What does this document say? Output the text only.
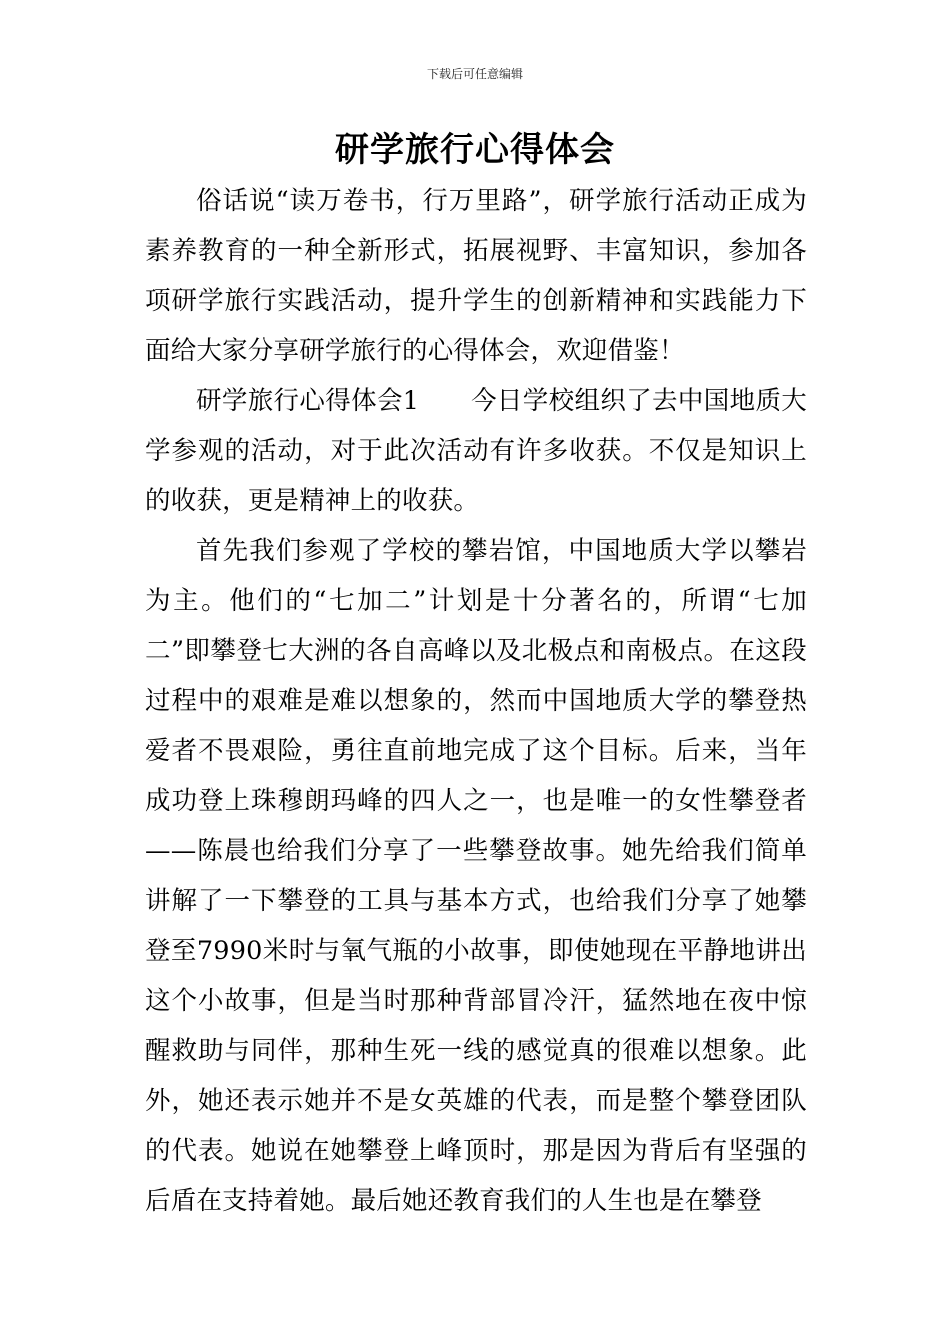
下载后可任意编辑
研学旅行心得体会

俗话说“读万卷书，行万里路”，研学旅行活动正成为素养教育的一种全新形式，拓展视野、丰富知识，参加各项研学旅行实践活动，提升学生的创新精神和实践能力下面给大家分享研学旅行的心得体会，欢迎借鉴！

研学旅行心得体会1　　今日学校组织了去中国地质大学参观的活动，对于此次活动有许多收获。不仅是知识上的收获，更是精神上的收获。

首先我们参观了学校的攀岩馆，中国地质大学以攀岩为主。他们的“七加二”计划是十分著名的，所谓“七加二”即攀登七大洲的各自高峰以及北极点和南极点。在这段过程中的艰难是难以想象的，然而中国地质大学的攀登热爱者不畏艰险，勇往直前地完成了这个目标。后来，当年成功登上珠穆朗玛峰的四人之一，也是唯一的女性攀登者——陈晨也给我们分享了一些攀登故事。她先给我们简单讲解了一下攀登的工具与基本方式，也给我们分享了她攀登至7990米时与氧气瓶的小故事，即使她现在平静地讲出这个小故事，但是当时那种背部冒冷汗，猛然地在夜中惊醒救助与同伴，那种生死一线的感觉真的很难以想象。此外，她还表示她并不是女英雄的代表，而是整个攀登团队的代表。她说在她攀登上峰顶时，那是因为背后有坚强的后盾在支持着她。最后她还教育我们的人生也是在攀登
